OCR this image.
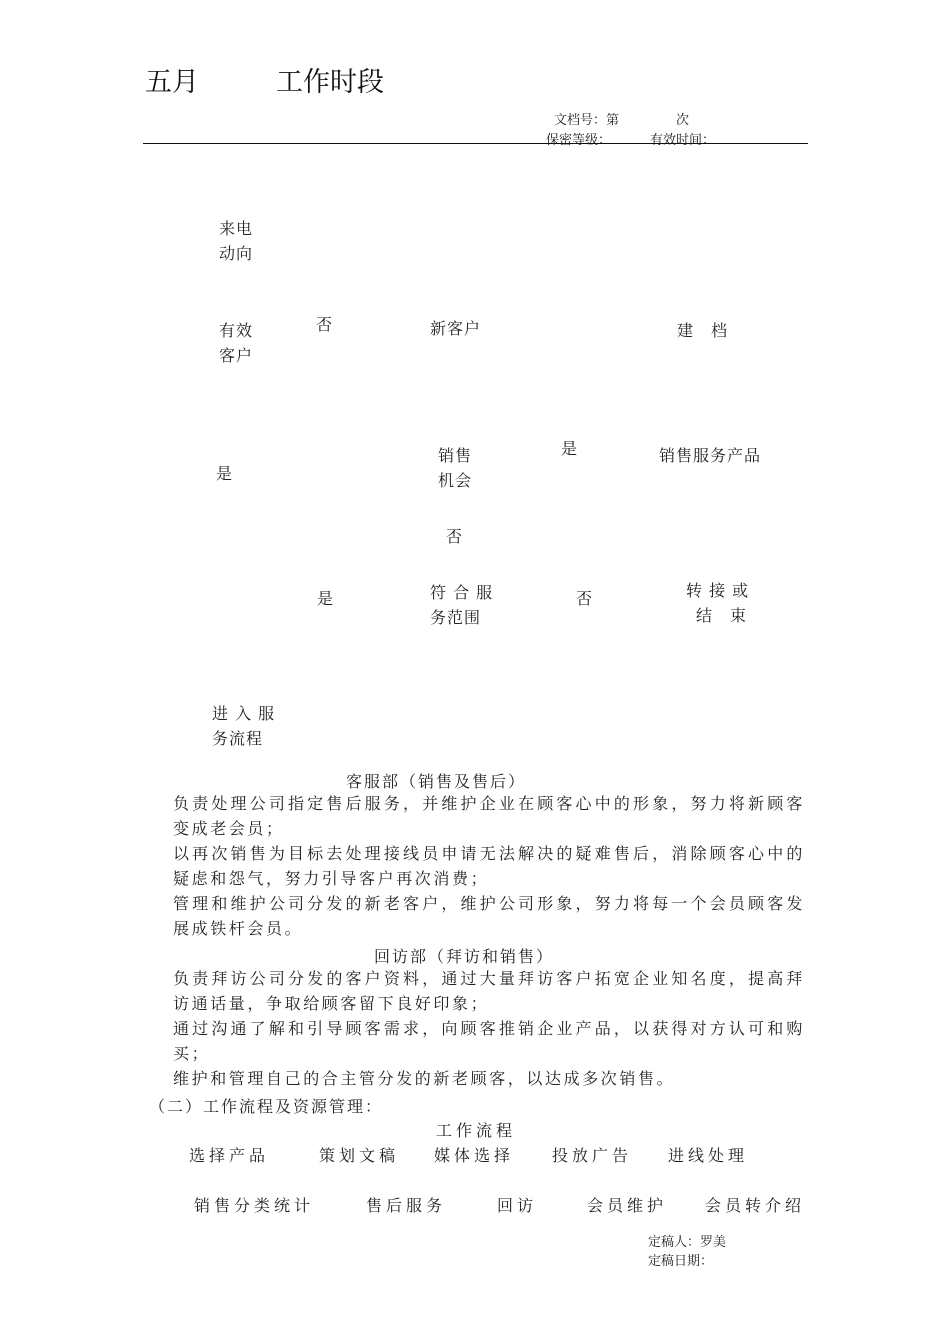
五月	工作时段
文档号：第	次
保密等级：	有效时间：
来电
动向
有效
客户
否	新客户	建　档
是
销售
机会
是	销售服务产品
否
是	符 合 服
务范围
否	转 接 或
结　束
进 入 服
务流程
客服部（销售及售后）
负责处理公司指定售后服务，并维护企业在顾客心中的形象，努力将新顾客变成老会员；
以再次销售为目标去处理接线员申请无法解决的疑难售后，消除顾客心中的疑虑和怨气，努力引导客户再次消费；
管理和维护公司分发的新老客户，维护公司形象，努力将每一个会员顾客发展成铁杆会员。
回访部（拜访和销售）
负责拜访公司分发的客户资料，通过大量拜访客户拓宽企业知名度，提高拜访通话量，争取给顾客留下良好印象；
通过沟通了解和引导顾客需求，向顾客推销企业产品，以获得对方认可和购买；
维护和管理自己的合主管分发的新老顾客，以达成多次销售。
（二）工作流程及资源管理：
工作流程
选择产品	策划文稿 媒体选择 投放广告 进线处理
销售分类统计	售后服务	回访	会员维护 会员转介绍
定稿人：罗美
定稿日期：
